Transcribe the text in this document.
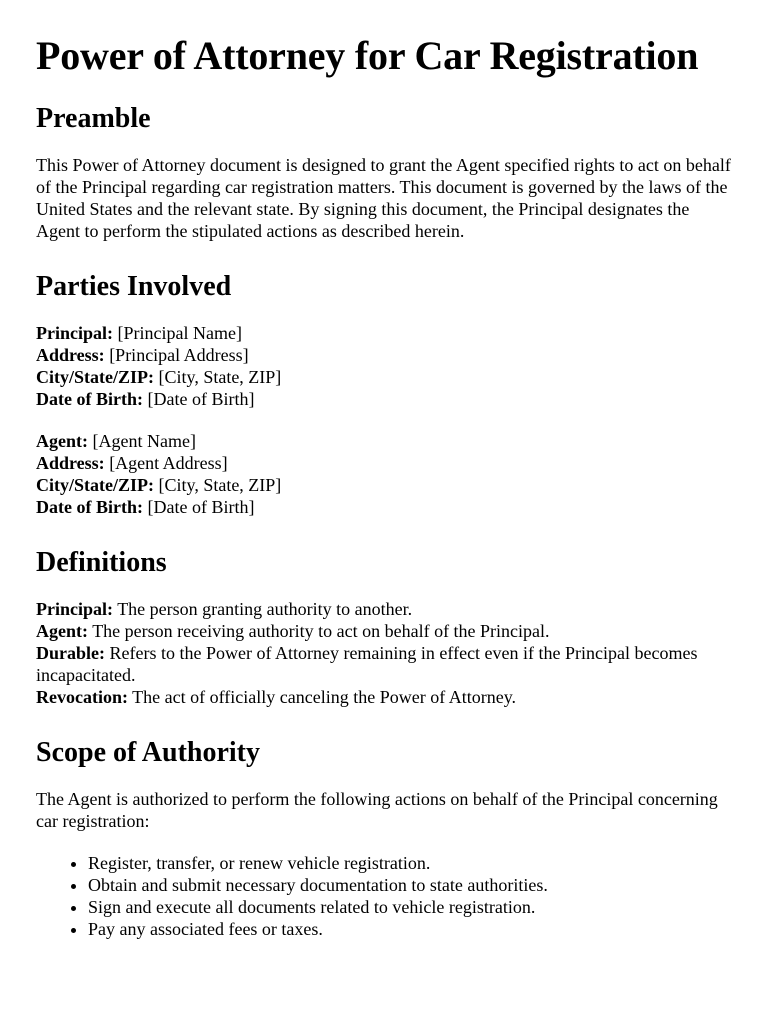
Power of Attorney for Car Registration
Preamble

This Power of Attorney document is designed to grant the Agent specified rights to act on behalf of the Principal regarding car registration matters. This document is governed by the laws of the United States and the relevant state. By signing this document, the Principal designates the Agent to perform the stipulated actions as described herein.

Parties Involved
Principal: [Principal Name]
Address: [Principal Address]
City/State/ZIP: [City, State, ZIP]
Date of Birth: [Date of Birth]
Agent: [Agent Name]
Address: [Agent Address]
City/State/ZIP: [City, State, ZIP]
Date of Birth: [Date of Birth]
Definitions
Principal: The person granting authority to another.
Agent: The person receiving authority to act on behalf of the Principal.
Durable: Refers to the Power of Attorney remaining in effect even if the Principal becomes incapacitated.
Revocation: The act of officially canceling the Power of Attorney.
Scope of Authority

The Agent is authorized to perform the following actions on behalf of the Principal concerning car registration:

• Register, transfer, or renew vehicle registration.
• Obtain and submit necessary documentation to state authorities.
• Sign and execute all documents related to vehicle registration.
• Pay any associated fees or taxes.
